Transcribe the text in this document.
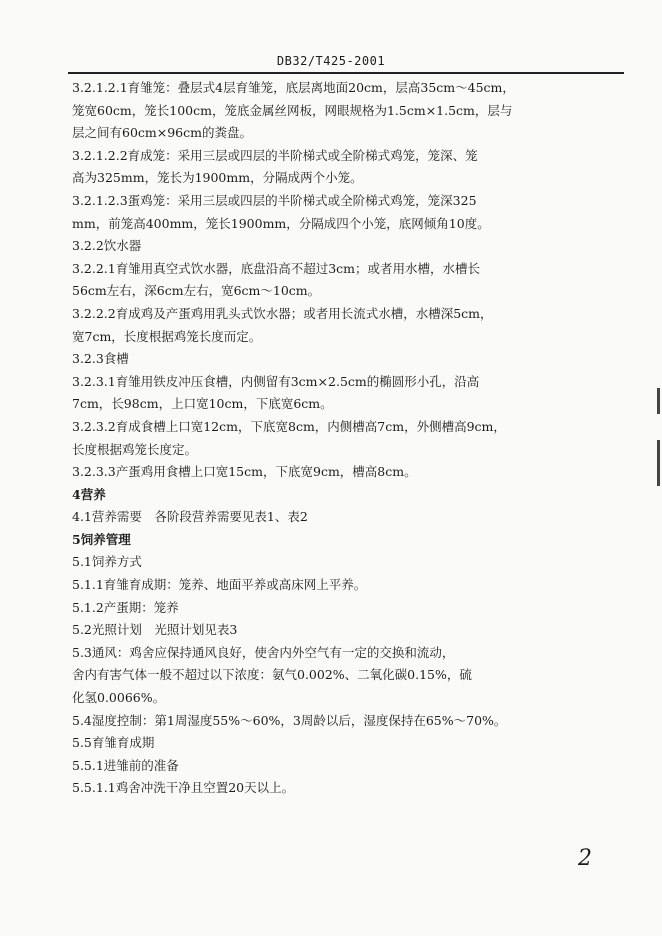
DB32/T425-2001

3.2.1.2.1育雏笼：叠层式4层育雏笼，底层离地面20cm，层高35cm～45cm，

笼宽60cm，笼长100cm，笼底金属丝网板，网眼规格为1.5cm×1.5cm，层与

层之间有60cm×96cm的粪盘。

3.2.1.2.2育成笼：采用三层或四层的半阶梯式或全阶梯式鸡笼，笼深、笼

高为325mm，笼长为1900mm，分隔成两个小笼。

3.2.1.2.3蛋鸡笼：采用三层或四层的半阶梯式或全阶梯式鸡笼，笼深325

mm，前笼高400mm，笼长1900mm，分隔成四个小笼，底网倾角10度。

3.2.2饮水器

3.2.2.1育雏用真空式饮水器，底盘沿高不超过3cm；或者用水槽，水槽长

56cm左右，深6cm左右，宽6cm～10cm。

3.2.2.2育成鸡及产蛋鸡用乳头式饮水器；或者用长流式水槽，水槽深5cm，

宽7cm，长度根据鸡笼长度而定。

3.2.3食槽

3.2.3.1育雏用铁皮冲压食槽，内侧留有3cm×2.5cm的椭圆形小孔，沿高

7cm，长98cm，上口宽10cm，下底宽6cm。

3.2.3.2育成食槽上口宽12cm，下底宽8cm，内侧槽高7cm，外侧槽高9cm，

长度根据鸡笼长度定。

3.2.3.3产蛋鸡用食槽上口宽15cm，下底宽9cm，槽高8cm。

4营养

4.1营养需要　各阶段营养需要见表1、表2

5饲养管理

5.1饲养方式

5.1.1育雏育成期：笼养、地面平养或高床网上平养。

5.1.2产蛋期：笼养

5.2光照计划　光照计划见表3

5.3通风：鸡舍应保持通风良好，使舍内外空气有一定的交换和流动，

舍内有害气体一般不超过以下浓度：氨气0.002%、二氧化碳0.15%，硫

化氢0.0066%。

5.4湿度控制：第1周湿度55%～60%，3周龄以后，湿度保持在65%～70%。

5.5育雏育成期

5.5.1进雏前的准备

5.5.1.1鸡舍冲洗干净且空置20天以上。

2
